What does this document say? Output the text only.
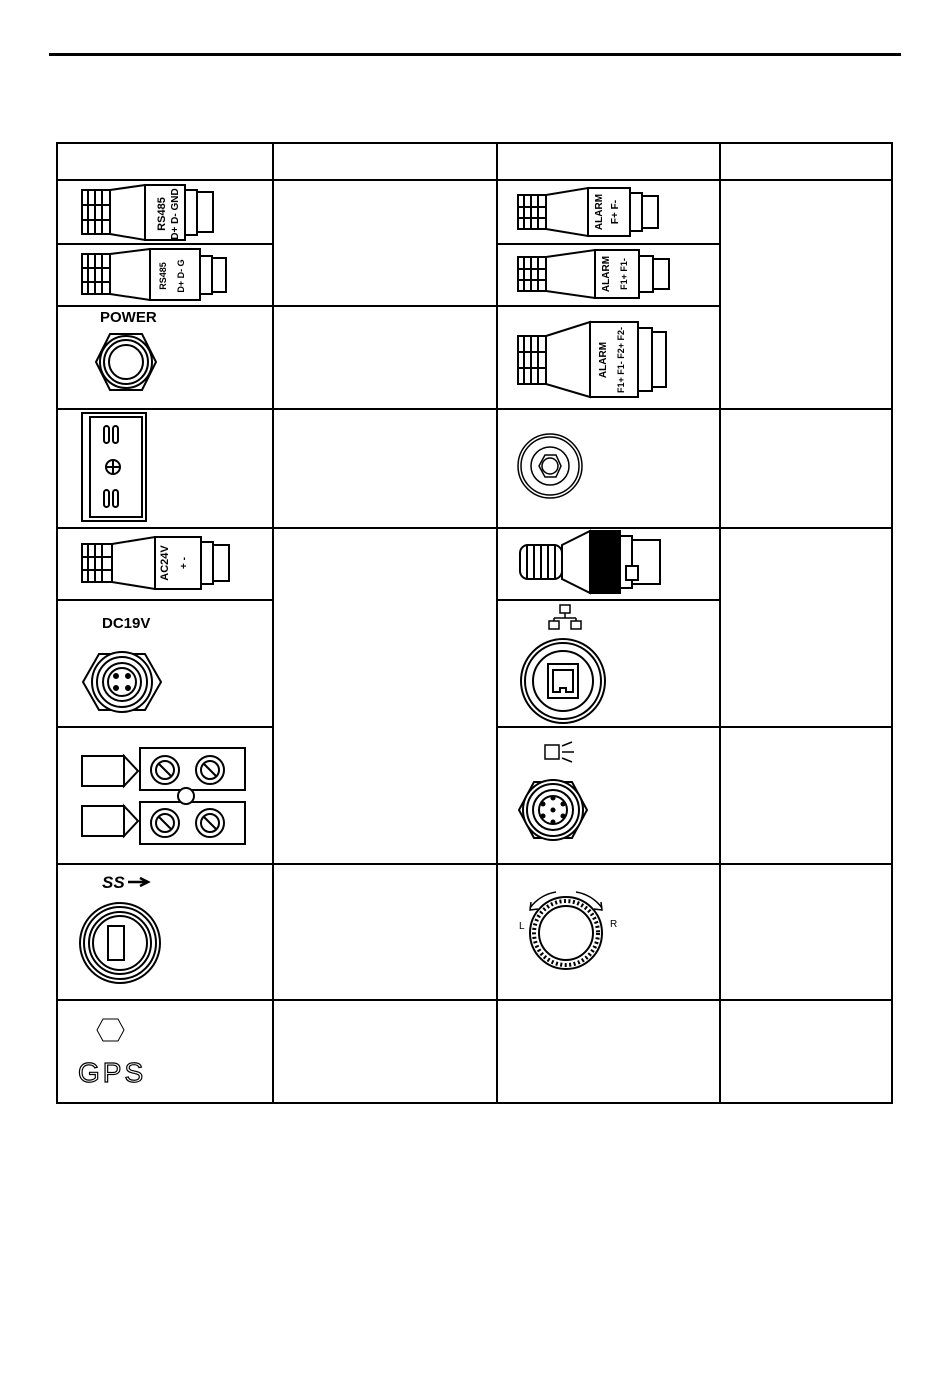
RS485 D+ D- GND
RS485 D+ D- G
POWER
ALARM F+ F-
ALARM F1+ F1-
ALARM F1+ F1- F2+ F2-
AC24V + -
DC19V
SS
L	R
GPS
